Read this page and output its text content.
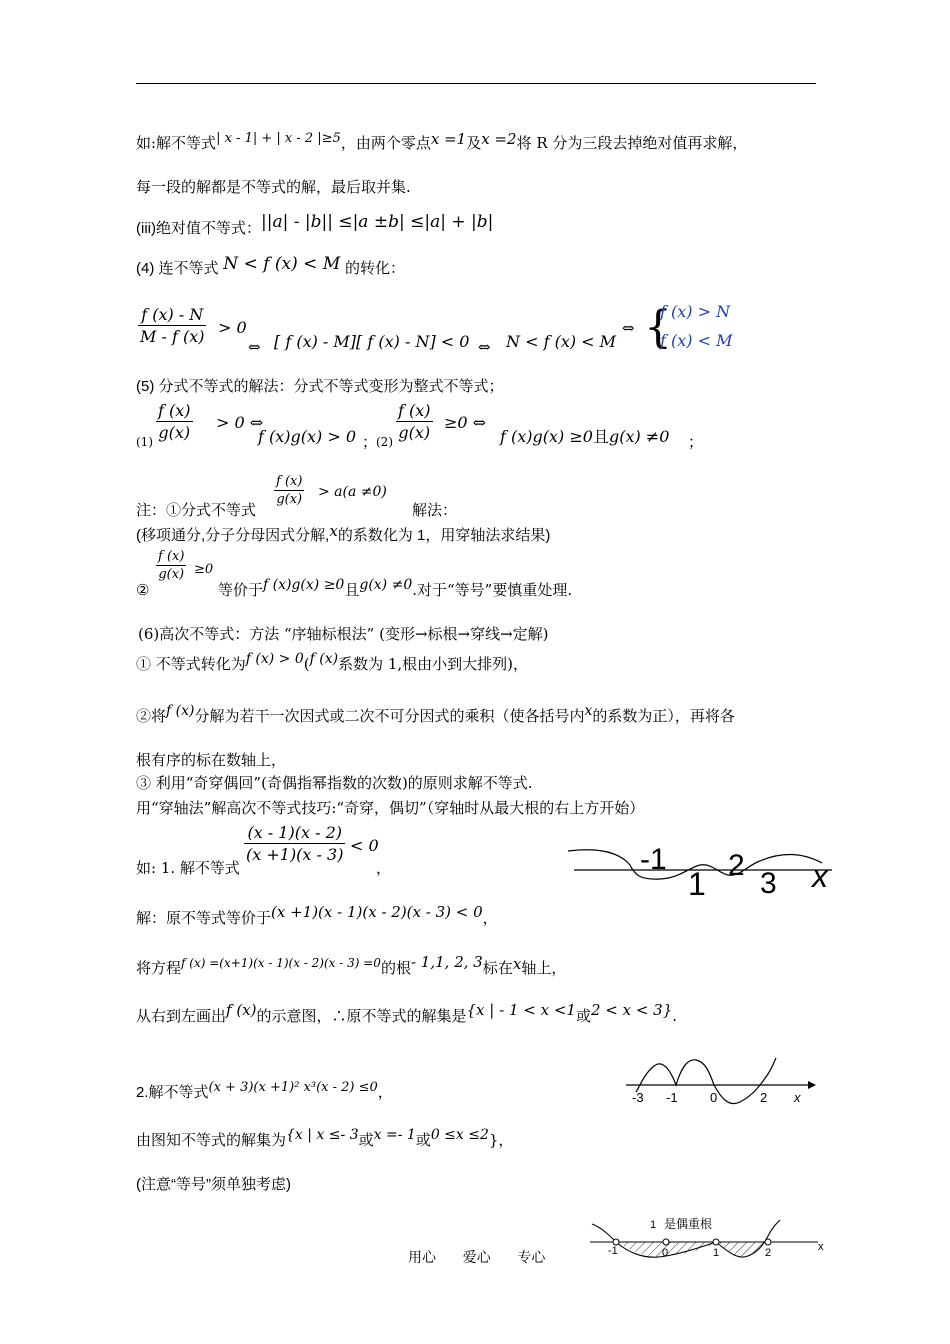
如:解不等式| x - 1| + | x - 2 |≥5，由两个零点x =1及x =2将 R 分为三段去掉绝对值再求解，
每一段的解都是不等式的解，最后取并集.
(iii)绝对值不等式：||a| - |b|| ≤|a ±b| ≤|a| + |b|
(4) 连不等式 N < f (x) < M 的转化：
$\frac{f (x) - N}{M - f (x)} > 0$
⇔ [ f (x) - M][ f (x) - N] < 0 ⇔ N < f (x) < M
⇔ {
f (x) > N
f (x) < M
(5) 分式不等式的解法：分式不等式变形为整式不等式；
$(1) \frac{f (x)}{g(x)} > 0$ ⇔
f (x)g(x) > 0 ；
$(2) \frac{f (x)}{g(x)} \ge 0$ ⇔
f (x)g(x) ≥0且g(x) ≠0 ；
注：①分式不等式
$\frac{f (x)}{g(x)} > a(a \ne 0)$
解法：
(移项通分,分子分母因式分解,x的系数化为 1，用穿轴法求结果)
②
$\frac{f (x)}{g(x)} \ge 0$
等价于f (x)g(x) ≥0且g(x) ≠0.对于“等号”要慎重处理.
(6)高次不等式：方法 “序轴标根法” (变形→标根→穿线→定解)
① 不等式转化为f (x) > 0(f (x)系数为 1,根由小到大排列)，
②将f (x)分解为若干一次因式或二次不可分因式的乘积（使各括号内x的系数为正），再将各
根有序的标在数轴上，
③ 利用“奇穿偶回”(奇偶指幂指数的次数)的原则求解不等式.
用“穿轴法”解高次不等式技巧:“奇穿，偶切”（穿轴时从最大根的右上方开始）
如: 1. 解不等式
$\frac{(x - 1)(x - 2)}{(x +1)(x - 3)} < 0$
，	-1
1
2
3 x
解：原不等式等价于(x +1)(x - 1)(x - 2)(x - 3) < 0，
将方程$^{f (x) =(x+1)(x - 1)(x - 2)(x - 3) =0}$的根- 1,1, 2, 3标在x轴上，
从右到左画出f (x)的示意图，∴原不等式的解集是{x | - 1 < x <1或2 < x < 3}.
2.解不等式(x + 3)(x +1)² x³(x - 2) ≤0，	-3 -1 0	2 x
由图知不等式的解集为{x | x ≤- 3或x =- 1或0 ≤x ≤2}，
(注意“等号”须单独考虑)
1 是偶重根
-1	0	1	2	x
用心 爱心 专心
